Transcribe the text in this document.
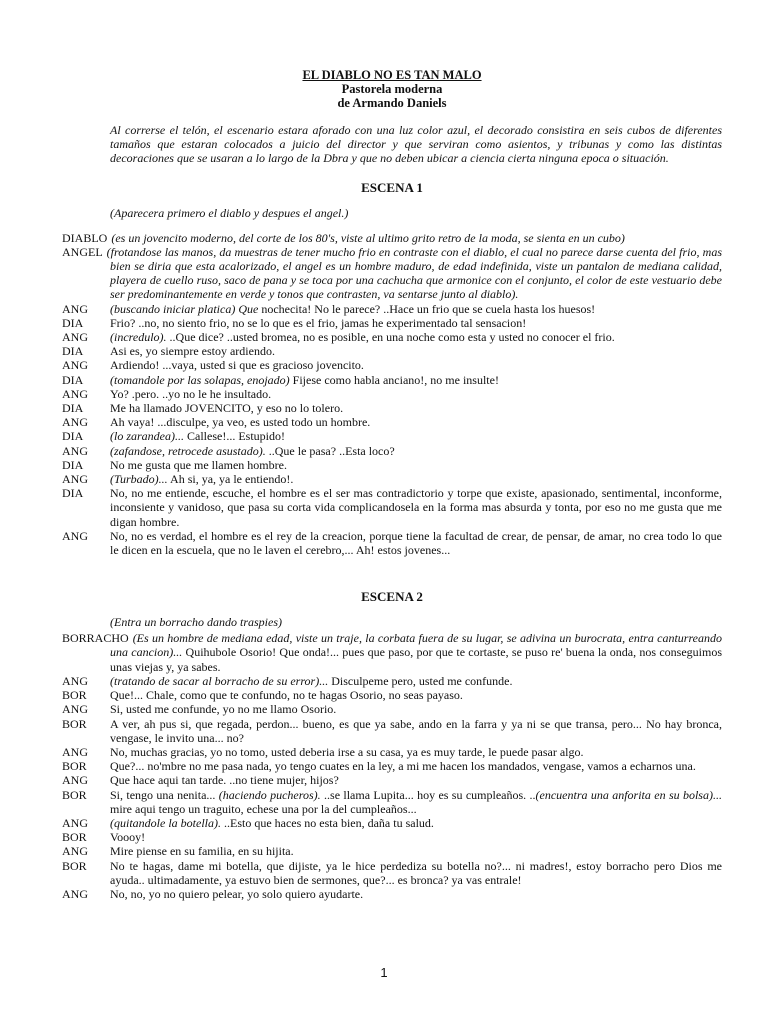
EL DIABLO NO ES TAN MALO
Pastorela moderna
de Armando Daniels
Al correrse el telón, el escenario estara aforado con una luz color azul, el decorado consistira en seis cubos de diferentes tamaños que estaran colocados a juicio del director y que serviran como asientos, y tribunas y como las distintas decoraciones que se usaran a lo largo de la Dbra y que no deben ubicar a ciencia cierta ninguna epoca o situación.
ESCENA 1
(Aparecera primero el diablo y despues el angel.)
DIABLO (es un jovencito moderno, del corte de los 80's, viste al ultimo grito retro de la moda, se sienta en un cubo)
ANGEL (frotandose las manos, da muestras de tener mucho frio en contraste con el diablo, el cual no parece darse cuenta del frio, mas bien se diria que esta acalorizado, el angel es un hombre maduro, de edad indefinida, viste un pantalon de mediana calidad, playera de cuello ruso, saco de pana y se toca por una cachucha que armonice con el conjunto, el color de este vestuario debe ser predominantemente en verde y tonos que contrasten, va sentarse junto al diablo).
ANG	(buscando iniciar platica) Que nochecita! No le parece? ..Hace un frio que se cuela hasta los huesos!
DIA	Frio? ..no, no siento frio, no se lo que es el frio, jamas he experimentado tal sensacion!
ANG	(incredulo). ..Que dice? ..usted bromea, no es posible, en una noche como esta y usted no conocer el frio.
DIA	Asi es, yo siempre estoy ardiendo.
ANG	Ardiendo! ...vaya, usted si que es gracioso jovencito.
DIA	(tomandole por las solapas, enojado) Fijese como habla anciano!, no me insulte!
ANG	Yo? .pero. ..yo no le he insultado.
DIA	Me ha llamado JOVENCITO, y eso no lo tolero.
ANG	Ah vaya! ...disculpe, ya veo, es usted todo un hombre.
DIA	(lo zarandea)... Callese!... Estupido!
ANG	(zafandose, retrocede asustado). ..Que le pasa? ..Esta loco?
DIA	No me gusta que me llamen hombre.
ANG	(Turbado)... Ah si, ya, ya le entiendo!.
DIA	No, no me entiende, escuche, el hombre es el ser mas contradictorio y torpe que existe, apasionado, sentimental, inconforme, inconsiente y vanidoso, que pasa su corta vida complicandosela en la forma mas absurda y tonta, por eso no me gusta que me digan hombre.
ANG	No, no es verdad, el hombre es el rey de la creacion, porque tiene la facultad de crear, de pensar, de amar, no crea todo lo que le dicen en la escuela, que no le laven el cerebro,... Ah! estos jovenes...
ESCENA 2
(Entra un borracho dando traspies)
BORRACHO (Es un hombre de mediana edad, viste un traje, la corbata fuera de su lugar, se adivina un burocrata, entra canturreando una cancion)... Quihubole Osorio! Que onda!... pues que paso, por que te cortaste, se puso re' buena la onda, nos conseguimos unas viejas y, ya sabes.
ANG	(tratando de sacar al borracho de su error)... Disculpeme pero, usted me confunde.
BOR	Que!... Chale, como que te confundo, no te hagas Osorio, no seas payaso.
ANG	Si, usted me confunde, yo no me llamo Osorio.
BOR	A ver, ah pus si, que regada, perdon... bueno, es que ya sabe, ando en la farra y ya ni se que transa, pero... No hay bronca, vengase, le invito una... no?
ANG	No, muchas gracias, yo no tomo, usted deberia irse a su casa, ya es muy tarde, le puede pasar algo.
BOR	Que?... no'mbre no me pasa nada, yo tengo cuates en la ley, a mi me hacen los mandados, vengase, vamos a echarnos una.
ANG	Que hace aqui tan tarde. ..no tiene mujer, hijos?
BOR	Si, tengo una nenita... (haciendo pucheros). ..se llama Lupita... hoy es su cumpleaños. ..(encuentra una anforita en su bolsa)... mire aqui tengo un traguito, echese una por la del cumpleaños...
ANG	(quitandole la botella). ..Esto que haces no esta bien, daña tu salud.
BOR	Voooy!
ANG	Mire piense en su familia, en su hijita.
BOR	No te hagas, dame mi botella, que dijiste, ya le hice perdediza su botella no?... ni madres!, estoy borracho pero Dios me ayuda.. ultimadamente, ya estuvo bien de sermones, que?... es bronca? ya vas entrale!
ANG	No, no, yo no quiero pelear, yo solo quiero ayudarte.
1
